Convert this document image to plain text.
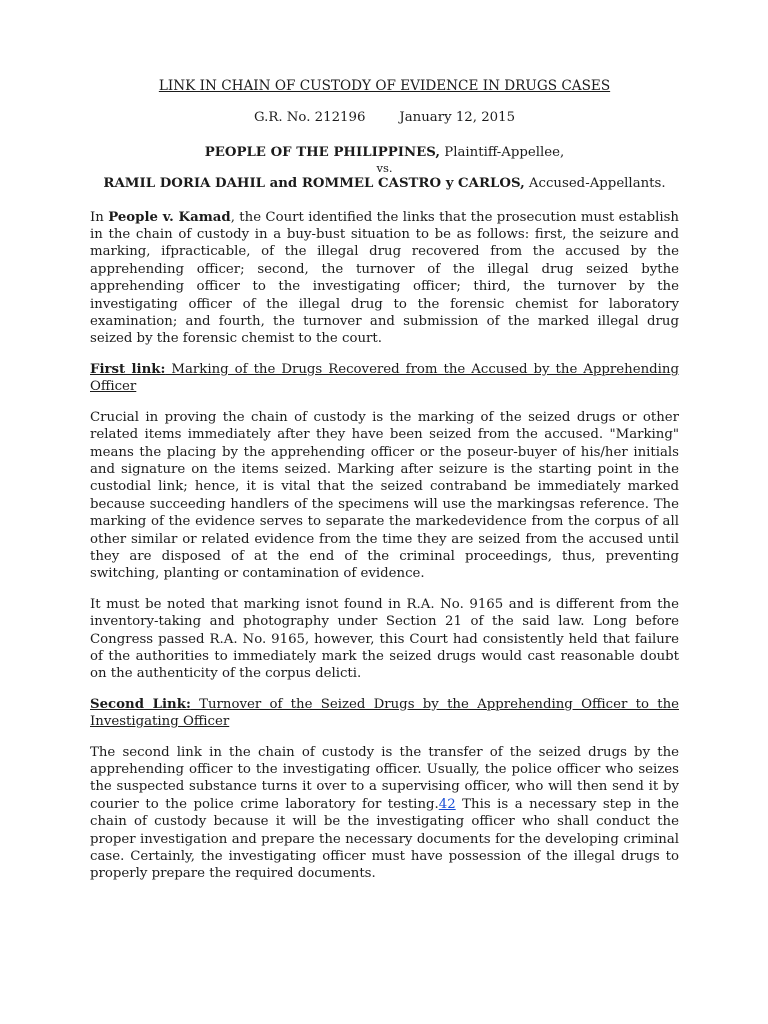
LINK IN CHAIN OF CUSTODY OF EVIDENCE IN DRUGS CASES
G.R. No. 212196	January 12, 2015
PEOPLE OF THE PHILIPPINES, Plaintiff-Appellee,
vs.
RAMIL DORIA DAHIL and ROMMEL CASTRO y CARLOS, Accused-Appellants.

In People v. Kamad, the Court identified the links that the prosecution must establish in the chain of custody in a buy-bust situation to be as follows: first, the seizure and marking, ifpracticable, of the illegal drug recovered from the accused by the apprehending officer; second, the turnover of the illegal drug seized bythe apprehending officer to the investigating officer; third, the turnover by the investigating officer of the illegal drug to the forensic chemist for laboratory examination; and fourth, the turnover and submission of the marked illegal drug seized by the forensic chemist to the court.

First link: Marking of the Drugs Recovered from the Accused by the Apprehending Officer

Crucial in proving the chain of custody is the marking of the seized drugs or other related items immediately after they have been seized from the accused. "Marking" means the placing by the apprehending officer or the poseur-buyer of his/her initials and signature on the items seized. Marking after seizure is the starting point in the custodial link; hence, it is vital that the seized contraband be immediately marked because succeeding handlers of the specimens will use the markingsas reference. The marking of the evidence serves to separate the markedevidence from the corpus of all other similar or related evidence from the time they are seized from the accused until they are disposed of at the end of the criminal proceedings, thus, preventing switching, planting or contamination of evidence.

It must be noted that marking isnot found in R.A. No. 9165 and is different from the inventory-taking and photography under Section 21 of the said law. Long before Congress passed R.A. No. 9165, however, this Court had consistently held that failure of the authorities to immediately mark the seized drugs would cast reasonable doubt on the authenticity of the corpus delicti.

Second Link: Turnover of the Seized Drugs by the Apprehending Officer to the Investigating Officer

The second link in the chain of custody is the transfer of the seized drugs by the apprehending officer to the investigating officer. Usually, the police officer who seizes the suspected substance turns it over to a supervising officer, who will then send it by courier to the police crime laboratory for testing.42 This is a necessary step in the chain of custody because it will be the investigating officer who shall conduct the proper investigation and prepare the necessary documents for the developing criminal case. Certainly, the investigating officer must have possession of the illegal drugs to properly prepare the required documents.
